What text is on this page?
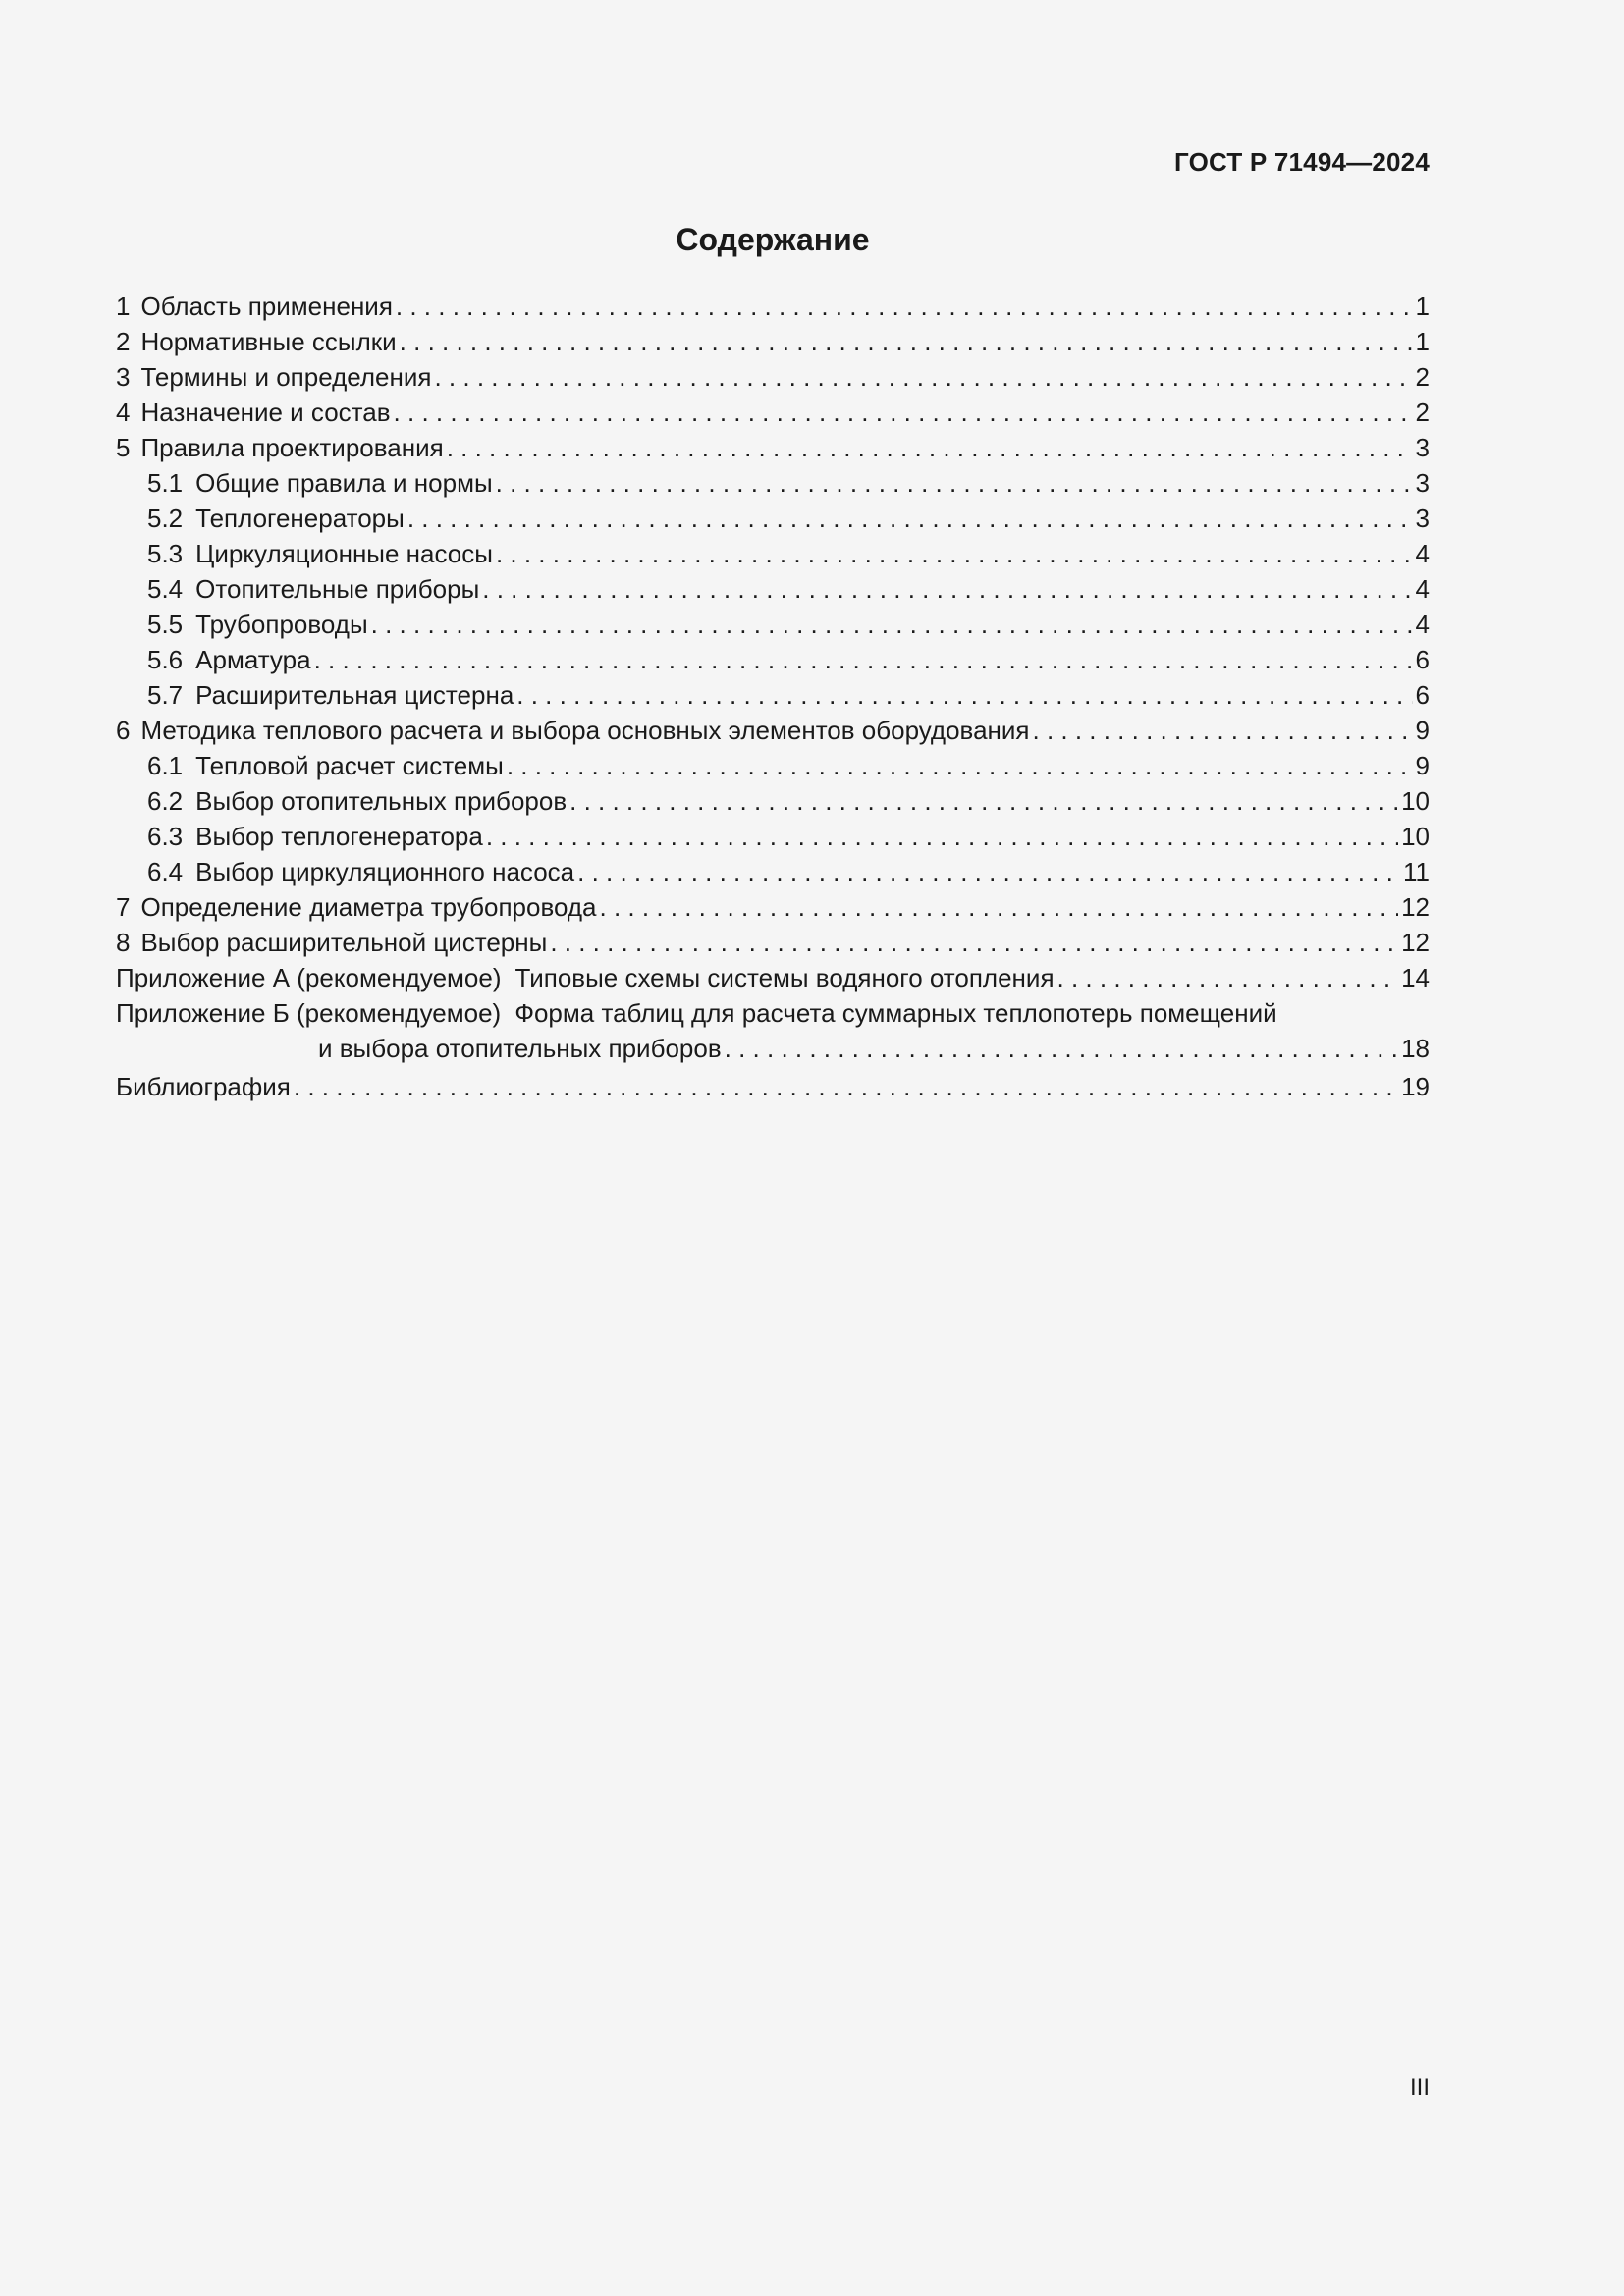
ГОСТ Р 71494—2024

Содержание
1 Область применения . . .	1
2 Нормативные ссылки . . .	1
3 Термины и определения . . .	2
4 Назначение и состав . . .	2
5 Правила проектирования . . .	3
5.1 Общие правила и нормы . . .	3
5.2 Теплогенераторы . . .	3
5.3 Циркуляционные насосы . . .	4
5.4 Отопительные приборы . . .	4
5.5 Трубопроводы . . .	4
5.6 Арматура . . .	6
5.7 Расширительная цистерна . . .	6
6 Методика теплового расчета и выбора основных элементов оборудования . . .	9
6.1 Тепловой расчет системы . . .	9
6.2 Выбор отопительных приборов . . .	10
6.3 Выбор теплогенератора . . .	10
6.4 Выбор циркуляционного насоса . . .	11
7 Определение диаметра трубопровода . . .	12
8 Выбор расширительной цистерны . . .	12
Приложение А (рекомендуемое) Типовые схемы системы водяного отопления . . .	14
Приложение Б (рекомендуемое) Форма таблиц для расчета суммарных теплопотерь помещений
и выбора отопительных приборов . . .	18
Библиография . . .	19

III
